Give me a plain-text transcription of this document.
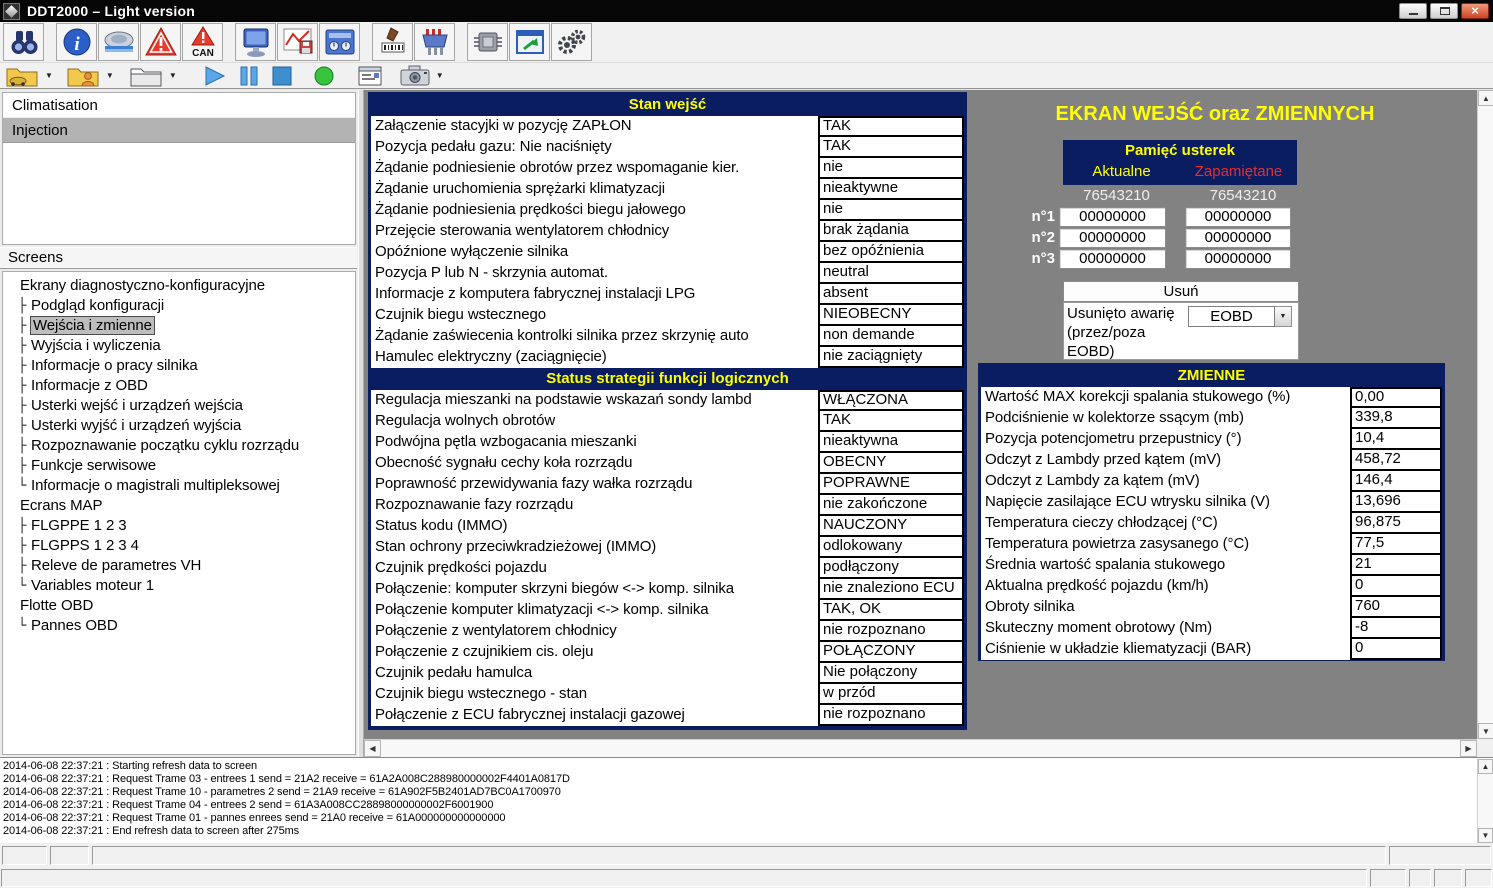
DDT2000 – Light version	×
i	CAN
▼	▼	▼	▼
Climatisation
Injection
Screens
Ekrany diagnostyczno-konfiguracyjne
├ Podgląd konfiguracji
├ Wejścia i zmienne
├ Wyjścia i wyliczenia
├ Informacje o pracy silnika
├ Informacje z OBD
├ Usterki wejść i urządzeń wejścia
├ Usterki wyjść i urządzeń wyjścia
├ Rozpoznawanie początku cyklu rozrządu
├ Funkcje serwisowe
└ Informacje o magistrali multipleksowej
Ecrans MAP
├ FLGPPE 1 2 3
├ FLGPPS 1 2 3 4
├ Releve de parametres VH
└ Variables moteur 1
Flotte OBD
└ Pannes OBD
Stan wejść
Załączenie stacyjki w pozycję ZAPŁON	TAK
Pozycja pedału gazu: Nie naciśnięty	TAK
Żądanie podniesienie obrotów przez wspomaganie kier.	nie
Żądanie uruchomienia sprężarki klimatyzacji	nieaktywne
Żądanie podniesienia prędkości biegu jałowego	nie
Przejęcie sterowania wentylatorem chłodnicy	brak żądania
Opóźnione wyłączenie silnika	bez opóźnienia
Pozycja P lub N - skrzynia automat.	neutral
Informacje z komputera fabrycznej instalacji LPG	absent
Czujnik biegu wstecznego	NIEOBECNY
Żądanie zaświecenia kontrolki silnika przez skrzynię auto	non demande
Hamulec elektryczny (zaciągnięcie)	nie zaciągnięty
Status strategii funkcji logicznych
Regulacja mieszanki na podstawie wskazań sondy lambd	WŁĄCZONA
Regulacja wolnych obrotów	TAK
Podwójna pętla wzbogacania mieszanki	nieaktywna
Obecność sygnału cechy koła rozrządu	OBECNY
Poprawność przewidywania fazy wałka rozrządu	POPRAWNE
Rozpoznawanie fazy rozrządu	nie zakończone
Status kodu (IMMO)	NAUCZONY
Stan ochrony przeciwkradzieżowej (IMMO)	odlokowany
Czujnik prędkości pojazdu	podłączony
Połączenie: komputer skrzyni biegów <-> komp. silnika	nie znaleziono ECU
Połączenie komputer klimatyzacji <-> komp. silnika	TAK, OK
Połączenie z wentylatorem chłodnicy	nie rozpoznano
Połączenie z czujnikiem cis. oleju	POŁĄCZONY
Czujnik pedału hamulca	Nie połączony
Czujnik biegu wstecznego - stan	w przód
Połączenie z ECU fabrycznej instalacji gazowej	nie rozpoznano
EKRAN WEJŚĆ oraz ZMIENNYCH
Pamięć usterek
Aktualne	Zapamiętane
76543210	76543210
n°1	00000000	00000000
n°2	00000000	00000000
n°3	00000000	00000000
Usuń
Usunięto awarię (przez/poza EOBD)
EOBD	▼
ZMIENNE
Wartość MAX korekcji spalania stukowego (%)	0,00
Podciśnienie w kolektorze ssącym (mb)	339,8
Pozycja potencjometru przepustnicy (°)	10,4
Odczyt z Lambdy przed kątem (mV)	458,72
Odczyt z Lambdy za kątem (mV)	146,4
Napięcie zasilające ECU wtrysku silnika (V)	13,696
Temperatura cieczy chłodzącej (°C)	96,875
Temperatura powietrza zasysanego (°C)	77,5
Średnia wartość spalania stukowego	21
Aktualna prędkość pojazdu (km/h)	0
Obroty silnika	760
Skuteczny moment obrotowy (Nm)	-8
Ciśnienie w układzie kliematyzacji (BAR)	0
◀	▶
▲
▼
2014-06-08 22:37:21 : Starting refresh data to screen
2014-06-08 22:37:21 : Request Trame 03 - entrees 1 send = 21A2 receive = 61A2A008C288980000002F4401A0817D
2014-06-08 22:37:21 : Request Trame 10 - parametres 2 send = 21A9 receive = 61A902F5B2401AD7BC0A1700970
2014-06-08 22:37:21 : Request Trame 04 - entrees 2 send = 61A3A008CC28898000000002F6001900
2014-06-08 22:37:21 : Request Trame 01 - pannes enrees send = 21A0 receive = 61A000000000000000
2014-06-08 22:37:21 : End refresh data to screen after 275ms
▲
▼
